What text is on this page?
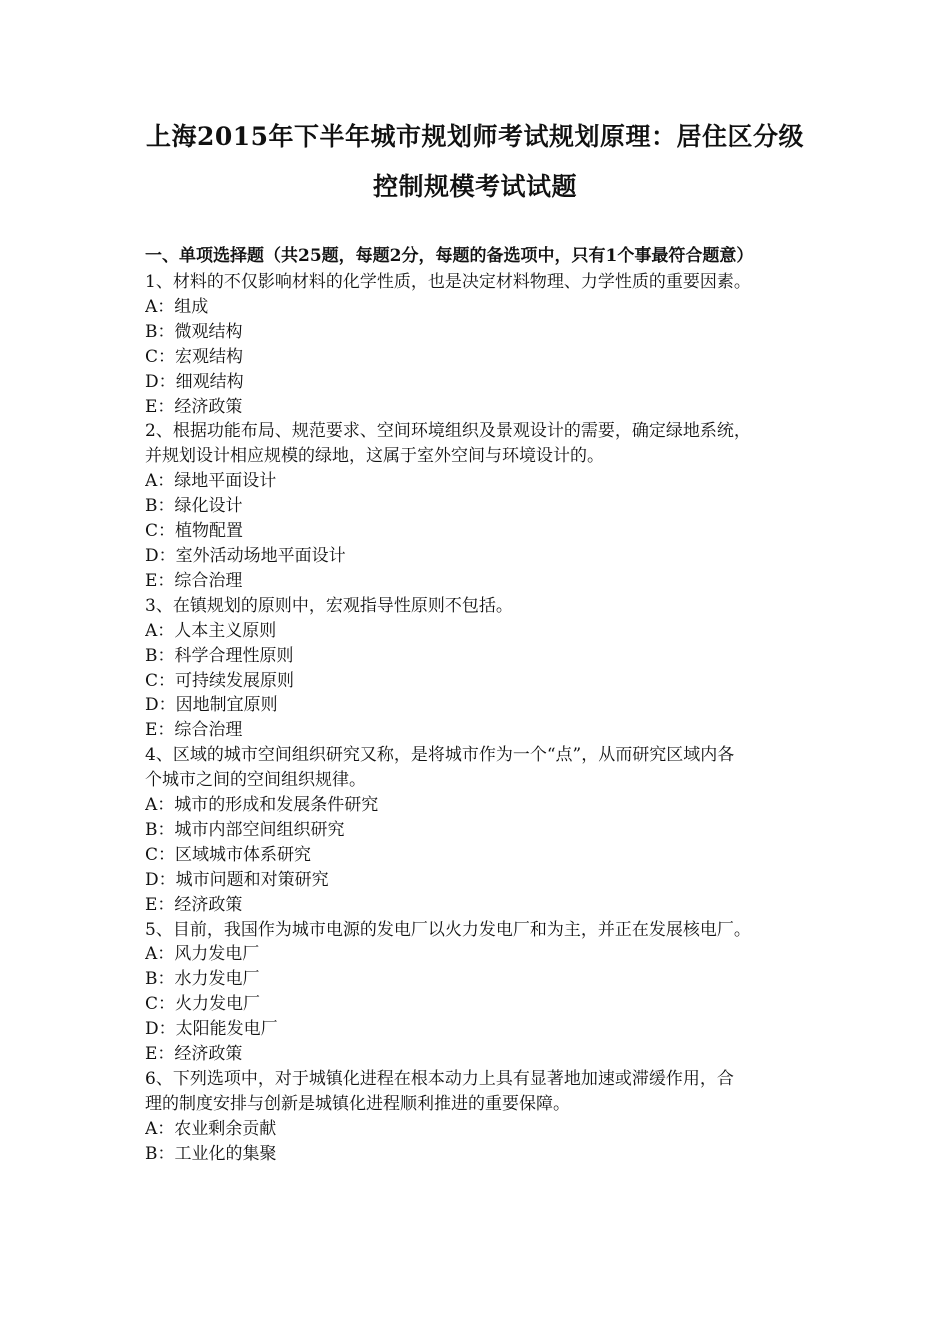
上海2015年下半年城市规划师考试规划原理：居住区分级
控制规模考试试题
一、单项选择题（共25题，每题2分，每题的备选项中，只有1个事最符合题意）
1、材料的不仅影响材料的化学性质，也是决定材料物理、力学性质的重要因素。
A：组成
B：微观结构
C：宏观结构
D：细观结构
E：经济政策
2、根据功能布局、规范要求、空间环境组织及景观设计的需要，确定绿地系统，
并规划设计相应规模的绿地，这属于室外空间与环境设计的。
A：绿地平面设计
B：绿化设计
C：植物配置
D：室外活动场地平面设计
E：综合治理
3、在镇规划的原则中，宏观指导性原则不包括。
A：人本主义原则
B：科学合理性原则
C：可持续发展原则
D：因地制宜原则
E：综合治理
4、区域的城市空间组织研究又称，是将城市作为一个“点”，从而研究区域内各
个城市之间的空间组织规律。
A：城市的形成和发展条件研究
B：城市内部空间组织研究
C：区域城市体系研究
D：城市问题和对策研究
E：经济政策
5、目前，我国作为城市电源的发电厂以火力发电厂和为主，并正在发展核电厂。
A：风力发电厂
B：水力发电厂
C：火力发电厂
D：太阳能发电厂
E：经济政策
6、下列选项中，对于城镇化进程在根本动力上具有显著地加速或滞缓作用，合
理的制度安排与创新是城镇化进程顺利推进的重要保障。
A：农业剩余贡献
B：工业化的集聚
